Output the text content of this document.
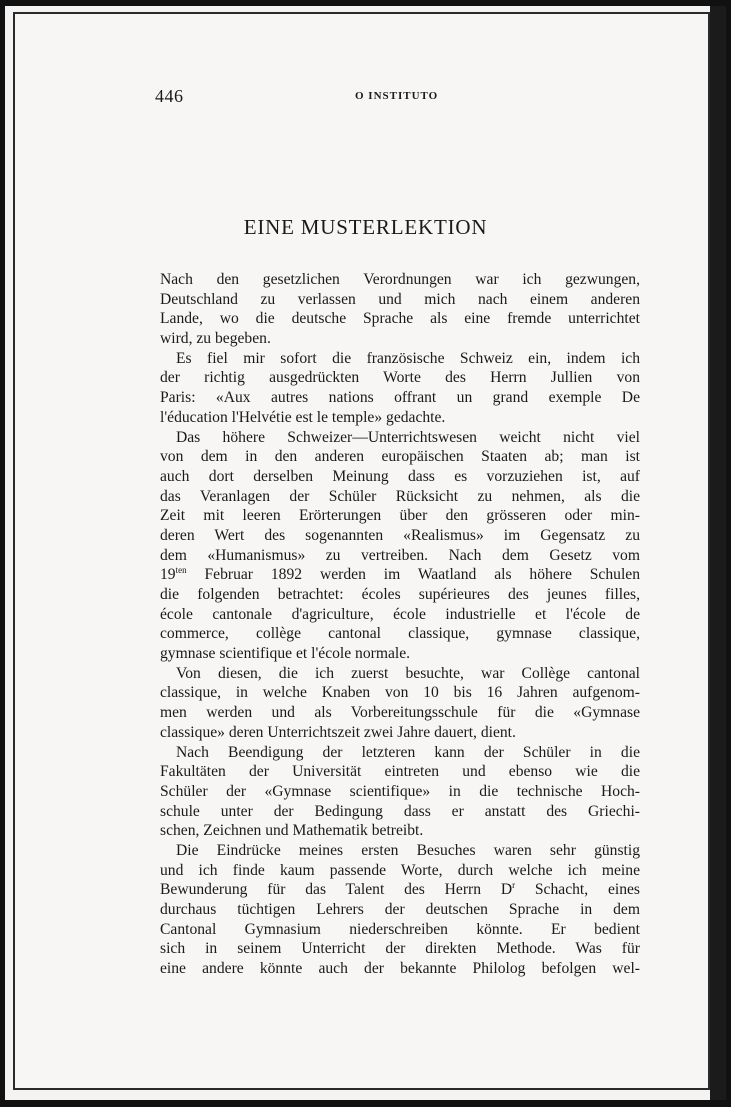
446	O INSTITUTO
EINE MUSTERLEKTION
Nach den gesetzlichen Verordnungen war ich gezwungen,
Deutschland zu verlassen und mich nach einem anderen
Lande, wo die deutsche Sprache als eine fremde unterrichtet
wird, zu begeben.
Es fiel mir sofort die französische Schweiz ein, indem ich
der richtig ausgedrückten Worte des Herrn Jullien von
Paris: «Aux autres nations offrant un grand exemple De
l'éducation l'Helvétie est le temple» gedachte.
Das höhere Schweizer—Unterrichtswesen weicht nicht viel
von dem in den anderen europäischen Staaten ab; man ist
auch dort derselben Meinung dass es vorzuziehen ist, auf
das Veranlagen der Schüler Rücksicht zu nehmen, als die
Zeit mit leeren Erörterungen über den grösseren oder min-
deren Wert des sogenannten «Realismus» im Gegensatz zu
dem «Humanismus» zu vertreiben. Nach dem Gesetz vom
$19^{ten}$ Februar 1892 werden im Waatland als höhere Schulen
die folgenden betrachtet: écoles supérieures des jeunes filles,
école cantonale d'agriculture, école industrielle et l'école de
commerce, collège cantonal classique, gymnase classique,
gymnase scientifique et l'école normale.
Von diesen, die ich zuerst besuchte, war Collège cantonal
classique, in welche Knaben von 10 bis 16 Jahren aufgenom-
men werden und als Vorbereitungsschule für die «Gymnase
classique» deren Unterrichtszeit zwei Jahre dauert, dient.
Nach Beendigung der letzteren kann der Schüler in die
Fakultäten der Universität eintreten und ebenso wie die
Schüler der «Gymnase scientifique» in die technische Hoch-
schule unter der Bedingung dass er anstatt des Griechi-
schen, Zeichnen und Mathematik betreibt.
Die Eindrücke meines ersten Besuches waren sehr günstig
und ich finde kaum passende Worte, durch welche ich meine
Bewunderung für das Talent des Herrn $D^r$ Schacht, eines
durchaus tüchtigen Lehrers der deutschen Sprache in dem
Cantonal Gymnasium niederschreiben könnte. Er bedient
sich in seinem Unterricht der direkten Methode. Was für
eine andere könnte auch der bekannte Philolog befolgen wel-
